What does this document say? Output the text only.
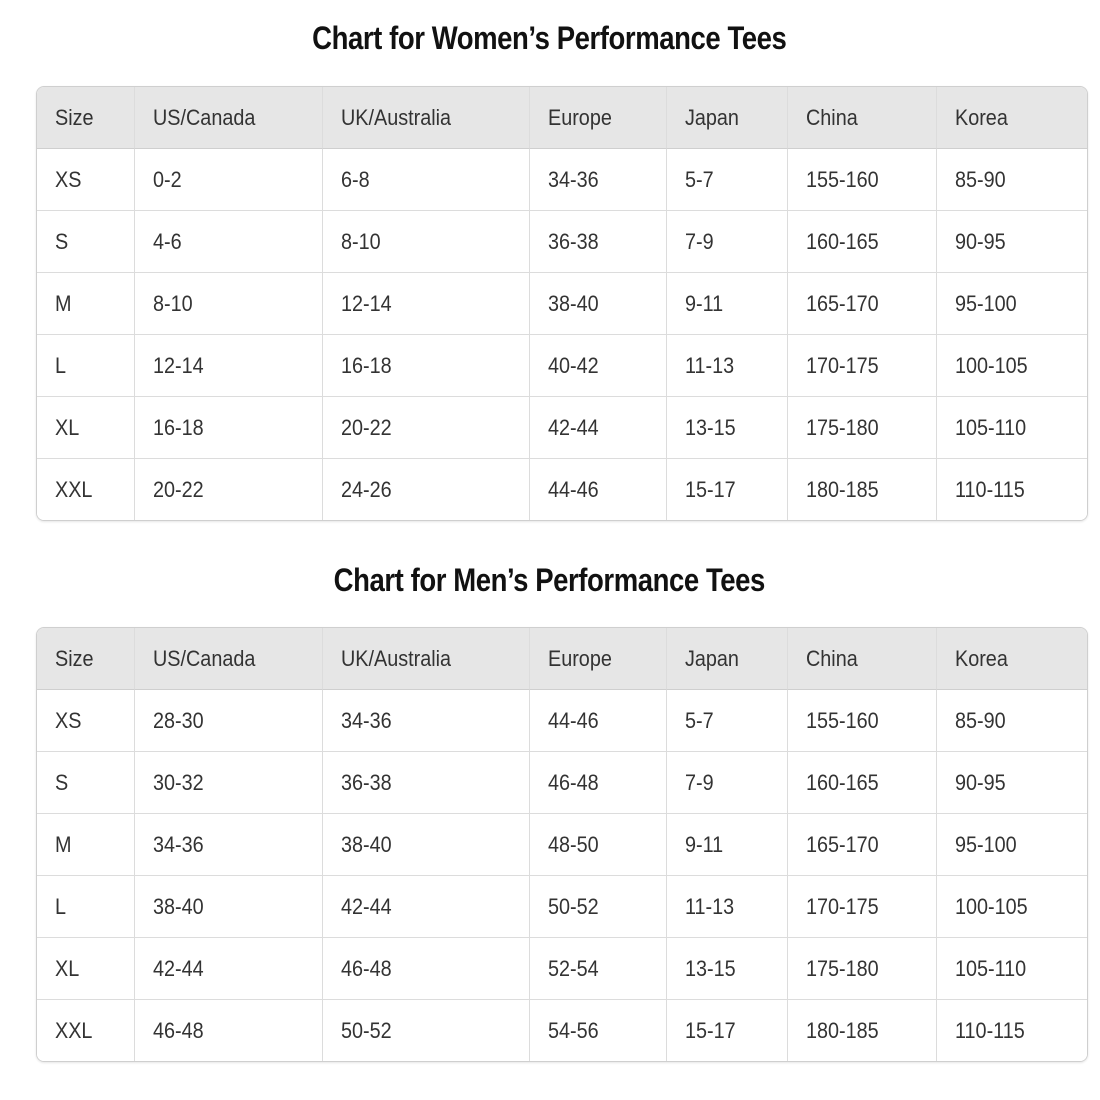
Chart for Women’s Performance Tees
Size	US/Canada	UK/Australia	Europe	Japan	China	Korea
XS	0-2	6-8	34-36	5-7	155-160	85-90
S	4-6	8-10	36-38	7-9	160-165	90-95
M	8-10	12-14	38-40	9-11	165-170	95-100
L	12-14	16-18	40-42	11-13	170-175	100-105
XL	16-18	20-22	42-44	13-15	175-180	105-110
XXL	20-22	24-26	44-46	15-17	180-185	110-115
Chart for Men’s Performance Tees
Size	US/Canada	UK/Australia	Europe	Japan	China	Korea
XS	28-30	34-36	44-46	5-7	155-160	85-90
S	30-32	36-38	46-48	7-9	160-165	90-95
M	34-36	38-40	48-50	9-11	165-170	95-100
L	38-40	42-44	50-52	11-13	170-175	100-105
XL	42-44	46-48	52-54	13-15	175-180	105-110
XXL	46-48	50-52	54-56	15-17	180-185	110-115
